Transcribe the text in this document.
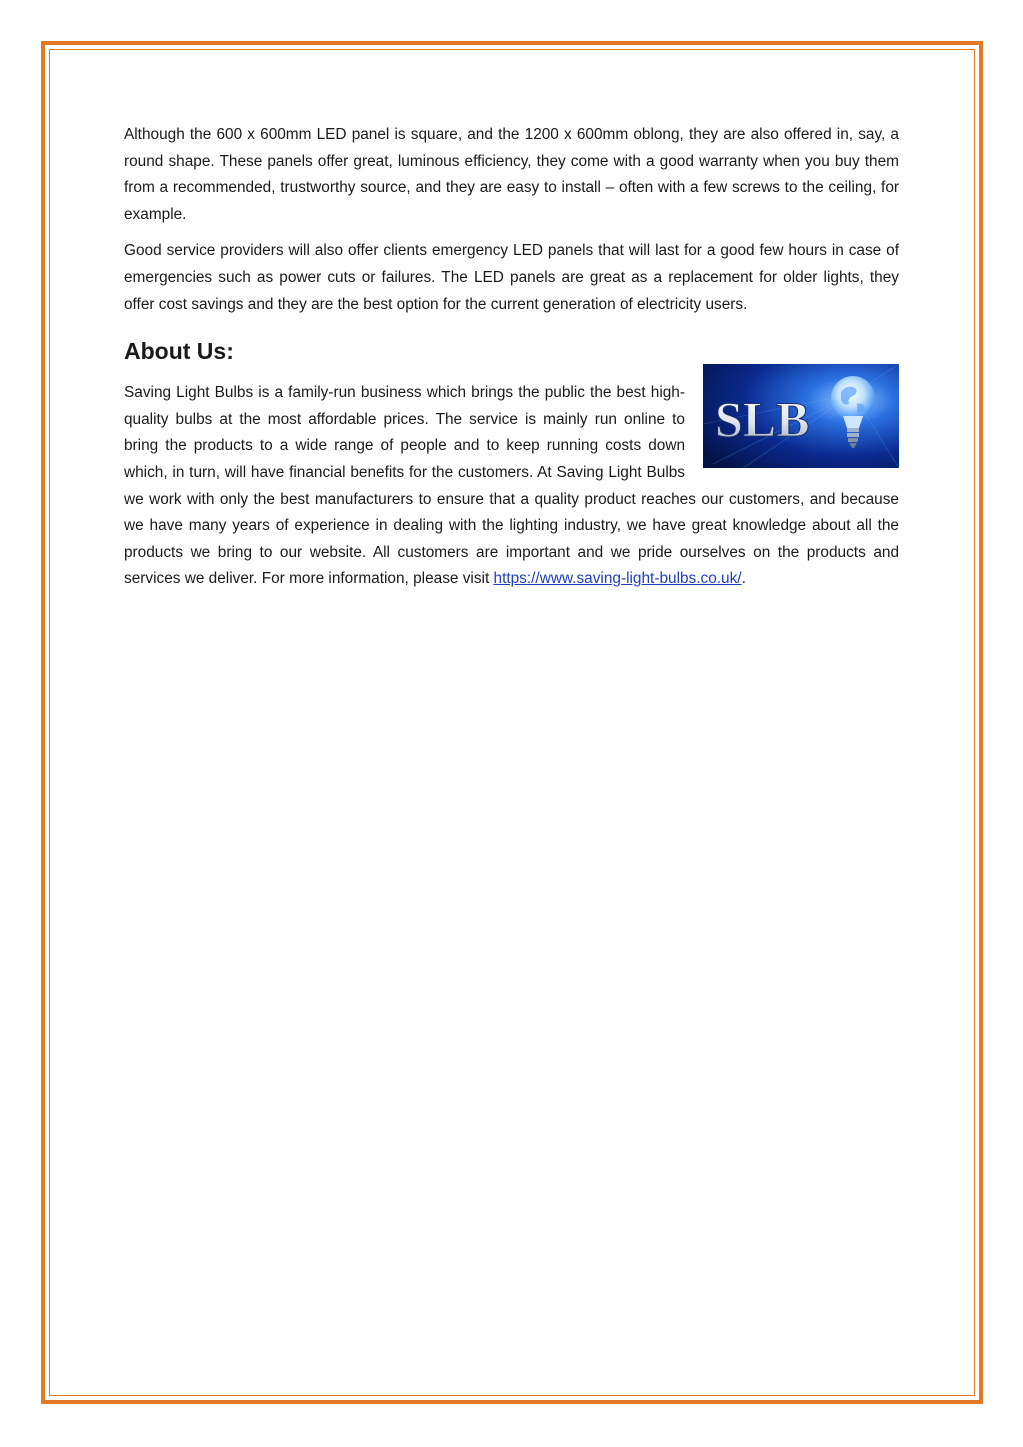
Although the 600 x 600mm LED panel is square, and the 1200 x 600mm oblong, they are also offered in, say, a round shape. These panels offer great, luminous efficiency, they come with a good warranty when you buy them from a recommended, trustworthy source, and they are easy to install – often with a few screws to the ceiling, for example.

Good service providers will also offer clients emergency LED panels that will last for a good few hours in case of emergencies such as power cuts or failures. The LED panels are great as a replacement for older lights, they offer cost savings and they are the best option for the current generation of electricity users.

About Us:
SLB

Saving Light Bulbs is a family-run business which brings the public the best high-quality bulbs at the most affordable prices. The service is mainly run online to bring the products to a wide range of people and to keep running costs down which, in turn, will have financial benefits for the customers. At Saving Light Bulbs we work with only the best manufacturers to ensure that a quality product reaches our customers, and because we have many years of experience in dealing with the lighting industry, we have great knowledge about all the products we bring to our website. All customers are important and we pride ourselves on the products and services we deliver. For more information, please visit https://www.saving-light-bulbs.co.uk/.
